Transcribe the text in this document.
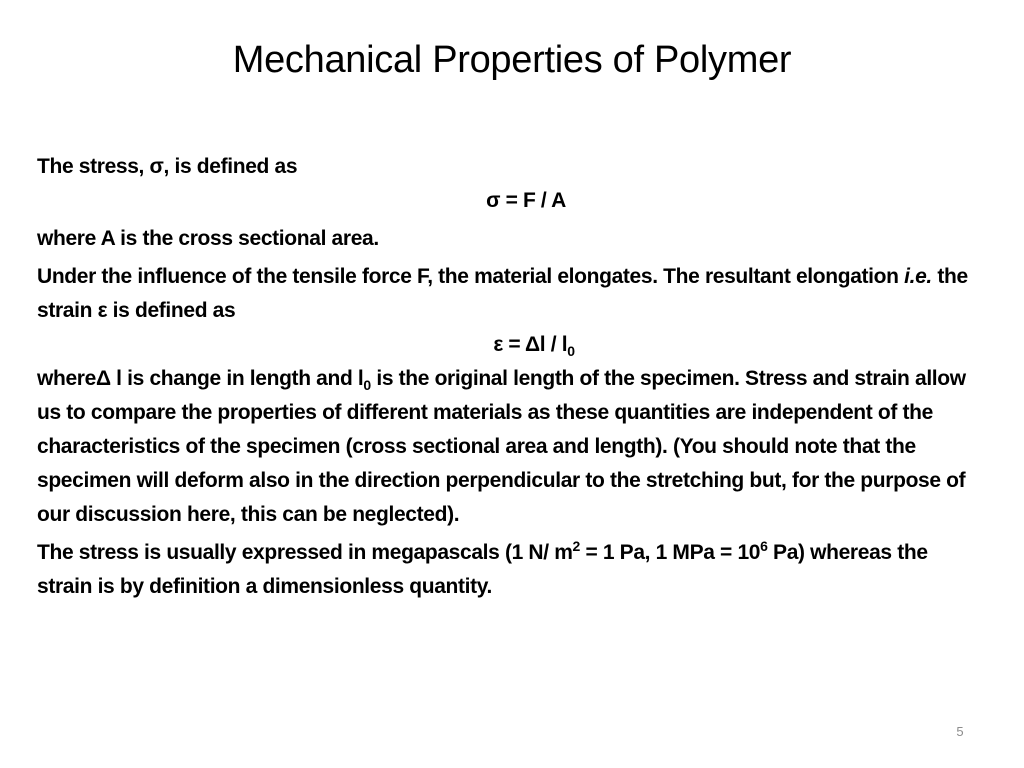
Mechanical Properties of Polymer

The stress, σ, is defined as

σ = F / A

where A is the cross sectional area.

Under the influence of the tensile force F, the material elongates. The resultant elongation i.e. the strain ε is defined as

$\varepsilon = \Delta l / l_0$

whereΔ l is change in length and $l_0$ is the original length of the specimen. Stress and strain allow us to compare the properties of different materials as these quantities are independent of the characteristics of the specimen (cross sectional area and length). (You should note that the specimen will deform also in the direction perpendicular to the stretching but, for the purpose of our discussion here, this can be neglected).

The stress is usually expressed in megapascals (1 N/ $m^2 = 1$ Pa, 1 MPa = $10^6$ Pa) whereas the strain is by definition a dimensionless quantity.

5
